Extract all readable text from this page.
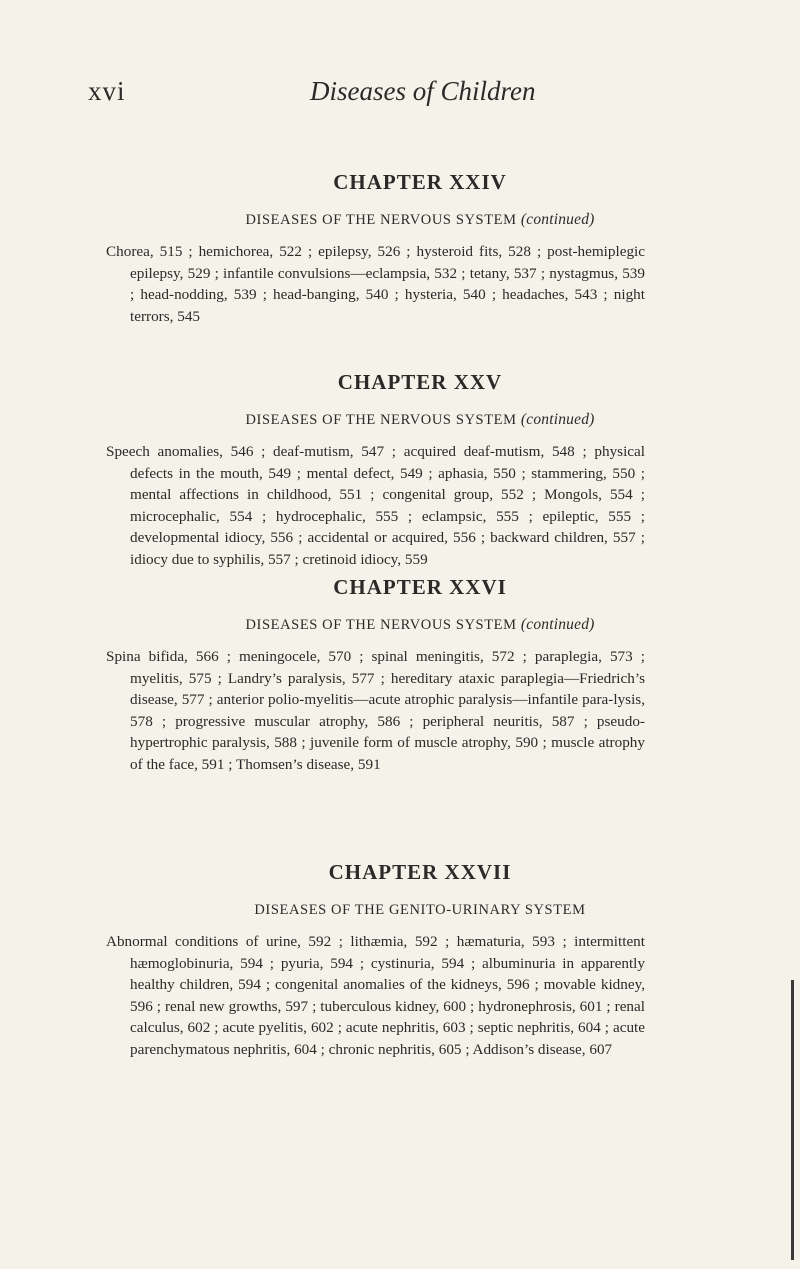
xvi	Diseases of Children
CHAPTER XXIV

DISEASES OF THE NERVOUS SYSTEM (continued)

Chorea, 515 ; hemichorea, 522 ; epilepsy, 526 ; hysteroid fits, 528 ; post-hemiplegic epilepsy, 529 ; infantile convulsions—eclampsia, 532 ; tetany, 537 ; nystagmus, 539 ; head-nodding, 539 ; head-banging, 540 ; hysteria, 540 ; headaches, 543 ; night terrors, 545

CHAPTER XXV

DISEASES OF THE NERVOUS SYSTEM (continued)

Speech anomalies, 546 ; deaf-mutism, 547 ; acquired deaf-mutism, 548 ; physical defects in the mouth, 549 ; mental defect, 549 ; aphasia, 550 ; stammering, 550 ; mental affections in childhood, 551 ; congenital group, 552 ; Mongols, 554 ; microcephalic, 554 ; hydrocephalic, 555 ; eclampsic, 555 ; epileptic, 555 ; developmental idiocy, 556 ; accidental or acquired, 556 ; backward children, 557 ; idiocy due to syphilis, 557 ; cretinoid idiocy, 559

CHAPTER XXVI

DISEASES OF THE NERVOUS SYSTEM (continued)

Spina bifida, 566 ; meningocele, 570 ; spinal meningitis, 572 ; paraplegia, 573 ; myelitis, 575 ; Landry’s paralysis, 577 ; hereditary ataxic paraplegia—Friedrich’s disease, 577 ; anterior polio-myelitis—acute atrophic paralysis—infantile para-lysis, 578 ; progressive muscular atrophy, 586 ; peripheral neuritis, 587 ; pseudo-hypertrophic paralysis, 588 ; juvenile form of muscle atrophy, 590 ; muscle atrophy of the face, 591 ; Thomsen’s disease, 591

CHAPTER XXVII

DISEASES OF THE GENITO-URINARY SYSTEM

Abnormal conditions of urine, 592 ; lithæmia, 592 ; hæmaturia, 593 ; intermittent hæmoglobinuria, 594 ; pyuria, 594 ; cystinuria, 594 ; albuminuria in apparently healthy children, 594 ; congenital anomalies of the kidneys, 596 ; movable kidney, 596 ; renal new growths, 597 ; tuberculous kidney, 600 ; hydronephrosis, 601 ; renal calculus, 602 ; acute pyelitis, 602 ; acute nephritis, 603 ; septic nephritis, 604 ; acute parenchymatous nephritis, 604 ; chronic nephritis, 605 ; Addison’s disease, 607
